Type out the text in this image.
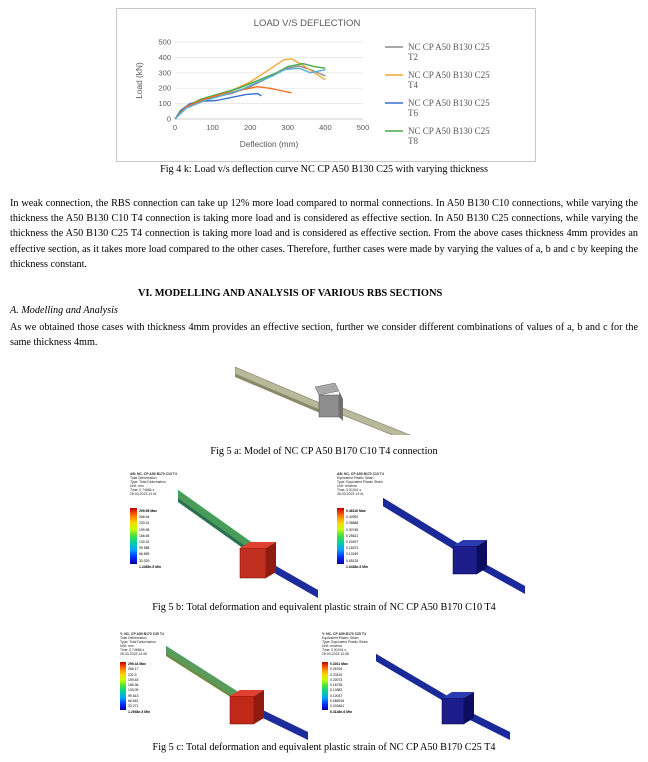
LOAD V/S DEFLECTION
0
100
200
300
400
500
0	100	200	300	400	500
Deflection (mm)
Load (kN)
NC CP A50 B130 C25 T2
NC CP A50 B130 C25 T4
NC CP A50 B130 C25 T6
NC CP A50 B130 C25 T8
Fig 4 k: Load v/s deflection curve NC CP A50 B130 C25 with varying thickness
In weak connection, the RBS connection can take up 12% more load compared to normal connections. In A50 B130 C10 connections, while varying the thickness the A50 B130 C10 T4 connection is taking more load and is considered as effective section. In A50 B130 C25 connections, while varying the thickness the A50 B130 C25 T4 connection is taking more load and is considered as effective section. From the above cases thickness 4mm provides an effective section, as it takes more load compared to the other cases. Therefore, further cases were made by varying the values of a, b and c by keeping the thickness constant.
VI. MODELLING AND ANALYSIS OF VARIOUS RBS SECTIONS
A. Modelling and Analysis
As we obtained those cases with thickness 4mm provides an effective section, further we consider different combinations of values of a, b and c for the same thickness 4mm.
Fig 5 a: Model of NC CP A50 B170 C10 T4 connection
AB: NC- CP A50 B170 C10 T4
Total Deformation
Type: Total Deformation
Unit: mm
Time: 0.74666 s
28-03-2023 14:41
299.96 Max
266.64
233.31
199.98
166.65
133.32
99.988
66.659
33.329
1.2465e-5 Min
AB: NC- CP A50 B170 C10 T4
Equivalent Plastic Strain
Type: Equivalent Plastic Strain
Unit: mm/mm
Time: 0.51041 s
28-03-2023 14:41
0.46116 Max
0.40992
0.35868
0.30745
0.25621
0.20497
0.15373
0.10249
0.05125
1.0438e-5 Min
Fig 5 b: Total deformation and equivalent plastic strain of NC CP A50 B170 C10 T4
Y: NC- CP A50 B170 C25 T4
Total Deformation
Type: Total Deformation
Unit: mm
Time: 0.74666 s
28-03-2023 13:48
299.44 Max
266.17
232.9
199.63
166.36
133.09
99.813
66.542
33.271
1.2948e-5 Min
Y: NC- CP A50 B170 C25 T4
Equivalent Plastic Strain
Type: Equivalent Plastic Strain
Unit: mm/mm
Time: 0.51041 s
28-03-2023 13:48
0.3011 Max
0.26764
0.23419
0.20073
0.16728
0.13382
0.10037
0.066916
0.033461
6.3148e-6 Min
Fig 5 c: Total deformation and equivalent plastic strain of NC CP A50 B170 C25 T4
